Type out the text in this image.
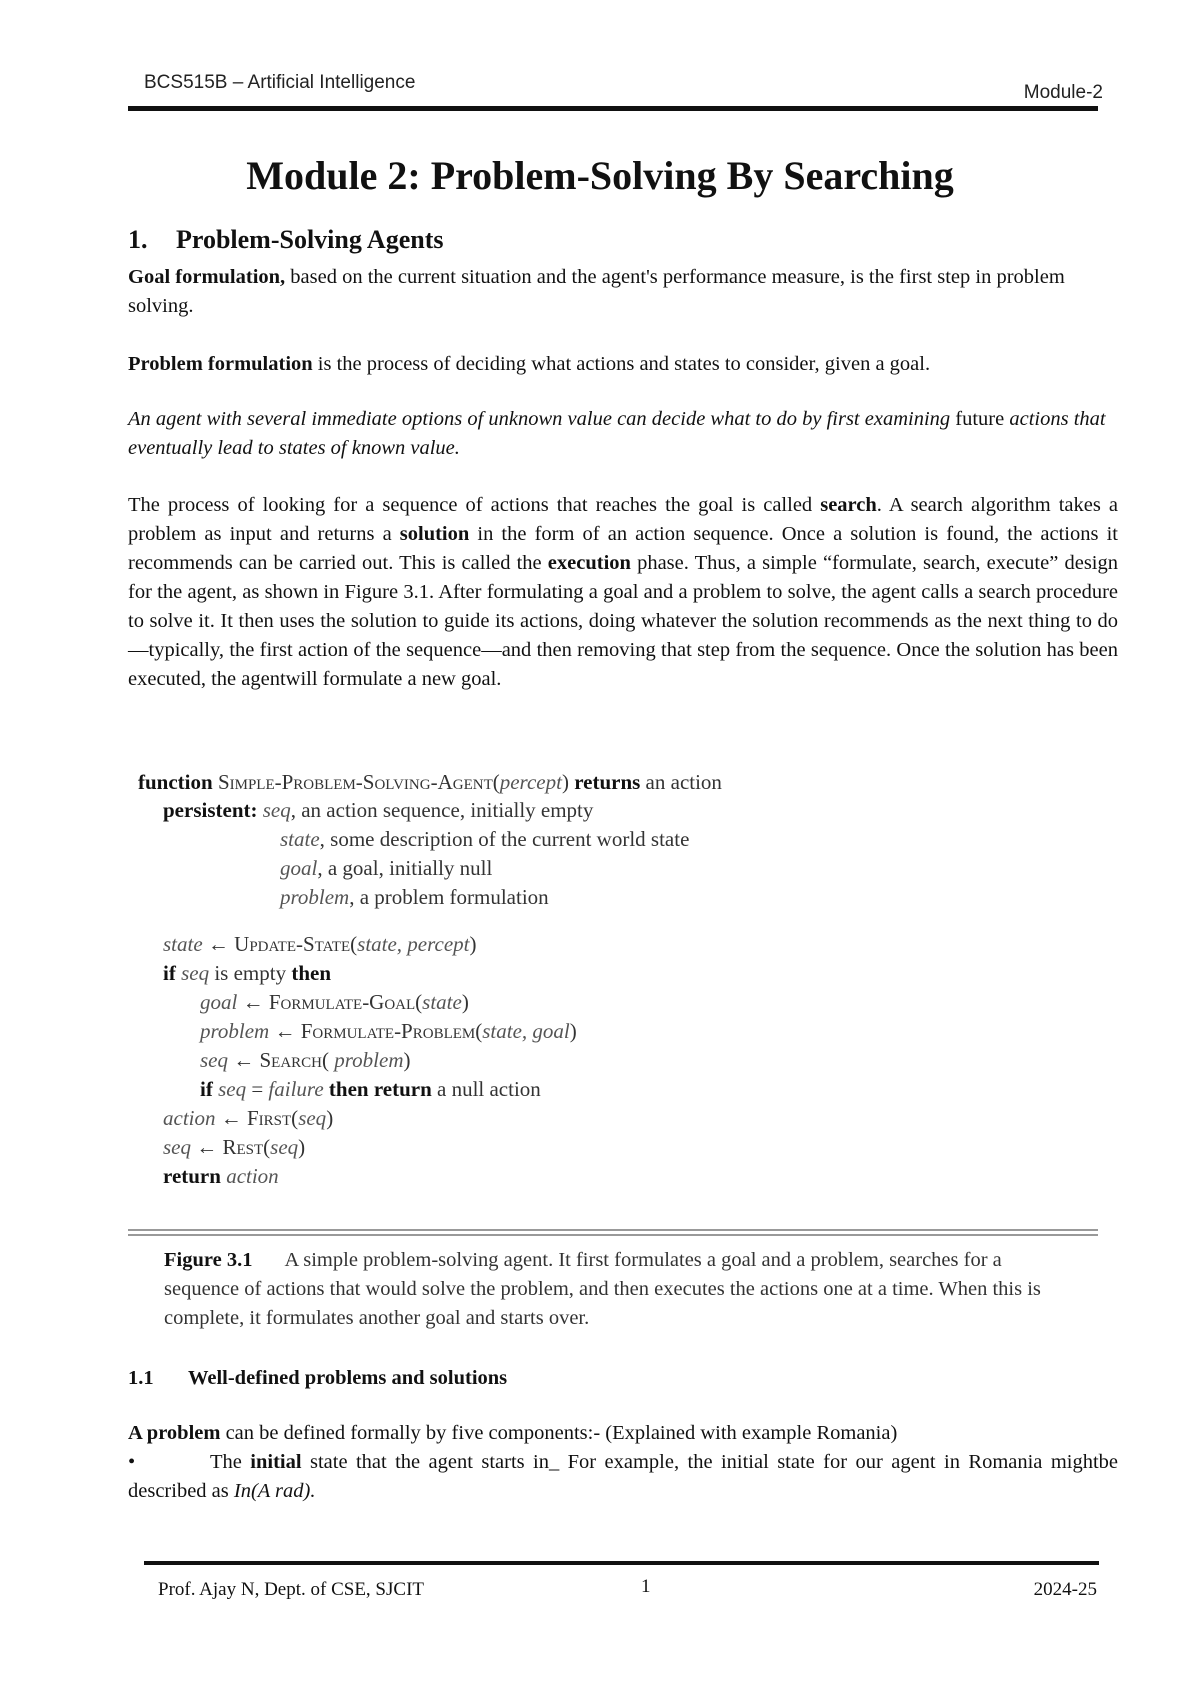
BCS515B – Artificial Intelligence	Module-2
Module 2: Problem-Solving By Searching
1. Problem-Solving Agents

Goal formulation, based on the current situation and the agent's performance measure, is the first step in problem solving.

Problem formulation is the process of deciding what actions and states to consider, given a goal.

An agent with several immediate options of unknown value can decide what to do by first examining future actions that eventually lead to states of known value.

The process of looking for a sequence of actions that reaches the goal is called search. A search algorithm takes a problem as input and returns a solution in the form of an action sequence. Once a solution is found, the actions it recommends can be carried out. This is called the execution phase. Thus, a simple “formulate, search, execute” design for the agent, as shown in Figure 3.1. After formulating a goal and a problem to solve, the agent calls a search procedure to solve it. It then uses the solution to guide its actions, doing whatever the solution recommends as the next thing to do—typically, the first action of the sequence—and then removing that step from the sequence. Once the solution has been executed, the agentwill formulate a new goal.

function Simple-Problem-Solving-Agent(percept) returns an action
persistent: seq, an action sequence, initially empty
state, some description of the current world state
goal, a goal, initially null
problem, a problem formulation
state ← Update-State(state, percept)
if seq is empty then
goal ← Formulate-Goal(state)
problem ← Formulate-Problem(state, goal)
seq ← Search( problem)
if seq = failure then return a null action
action ← First(seq)
seq ← Rest(seq)
return action

Figure 3.1 A simple problem-solving agent. It first formulates a goal and a problem, searches for a sequence of actions that would solve the problem, and then executes the actions one at a time. When this is complete, it formulates another goal and starts over.

1.1 Well-defined problems and solutions

A problem can be defined formally by five components:- (Explained with example Romania)

•	The initial state that the agent starts in_ For example, the initial state for our agent in Romania mightbe described as In(A rad).

Prof. Ajay N, Dept. of CSE, SJCIT	1	2024-25
